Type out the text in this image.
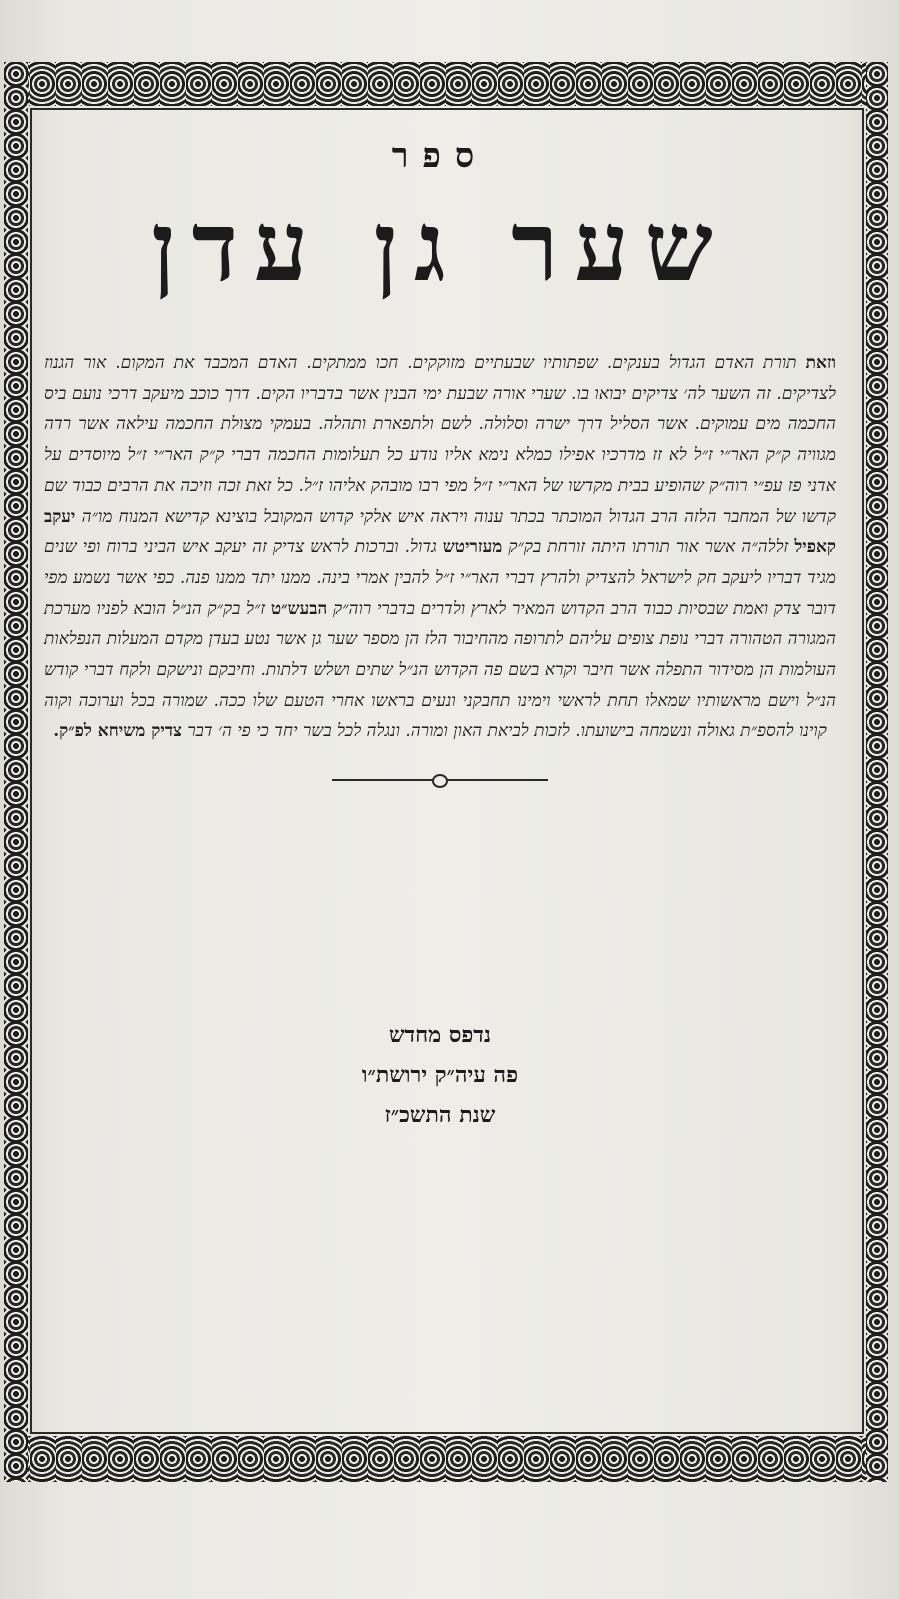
ספר
שער גן עדן
וזאת תורת האדם הגדול בענקים. שפתותיו שבעתיים מזוקקים. חכו ממתקים. האדם המכבד את המקום. אור הגנוז לצדיקים. זה השער לה׳ צדיקים יבואו בו. שערי אורה שבעת ימי הבנין אשר בדבריו הקים. דרך כוכב מיעקב דרכי נועם ביס החכמה מים עמוקים. אשר הסליל דרך ישרה וסלולה. לשם ולתפארת ותהלה. בעמקי מצולת החכמה עילאה אשר רדה מגוויה ק״ק האר״י ז״ל לא זז מדרכיו אפילו כמלא נימא אליו נודע כל תעלומות החכמה דברי ק״ק האר״י ז״ל מיוסדים על אדני פז עפ״י רוה״ק שהופיע בבית מקדשו של האר״י ז״ל מפי רבו מובהק אליהו ז״ל. כל זאת זכה וזיכה את הרבים כבוד שם קדשו של המחבר הלזה הרב הגדול המוכתר בכתר ענוה ויראה איש אלקי קדוש המקובל בוצינא קדישא המנוח מו״ה יעקב קאפיל זללה״ה אשר אור תורתו היתה זורחת בק״ק מעזריטש גדול. וברכות לראש צדיק זה יעקב איש הביני ברוח ופי שנים מגיד דבריו ליעקב חק לישראל להצדיק ולהרץ דברי האר״י ז״ל להבין אמרי בינה. ממנו יתד ממנו פנה. כפי אשר נשמע מפי דובר צדק ואמת שבסיות כבוד הרב הקדוש המאיר לארץ ולדרים בדברי רוה״ק הבעש״ט ז״ל בק״ק הנ״ל הובא לפניו מערכת המגורה הטהורה דברי נופת צופים עליהם לתרופה מהחיבור הלז הן מספר שער גן אשר נטע בעדן מקדם המעלות הנפלאות העולמות הן מסידור התפלה אשר חיבר וקרא בשם פה הקדוש הנ״ל שתים ושלש דלתות. וחיבקם ונישקם ולקח דברי קודש הנ״ל וישם מראשותיו שמאלו תחת לראשי וימינו תחבקני ונעים בראשו אחרי הטעם שלו ככה. שמורה בכל וערוכה וקוה קוינו להספ״ת גאולה ונשמחה בישועתו. לזכות לביאת האון ומורה. ונגלה לכל בשר יחד כי פי ה׳ דבר צדיק משיחא לפ״ק.
נדפס מחדש
פה עיה״ק ירושת״ו
שנת התשכ״ז
